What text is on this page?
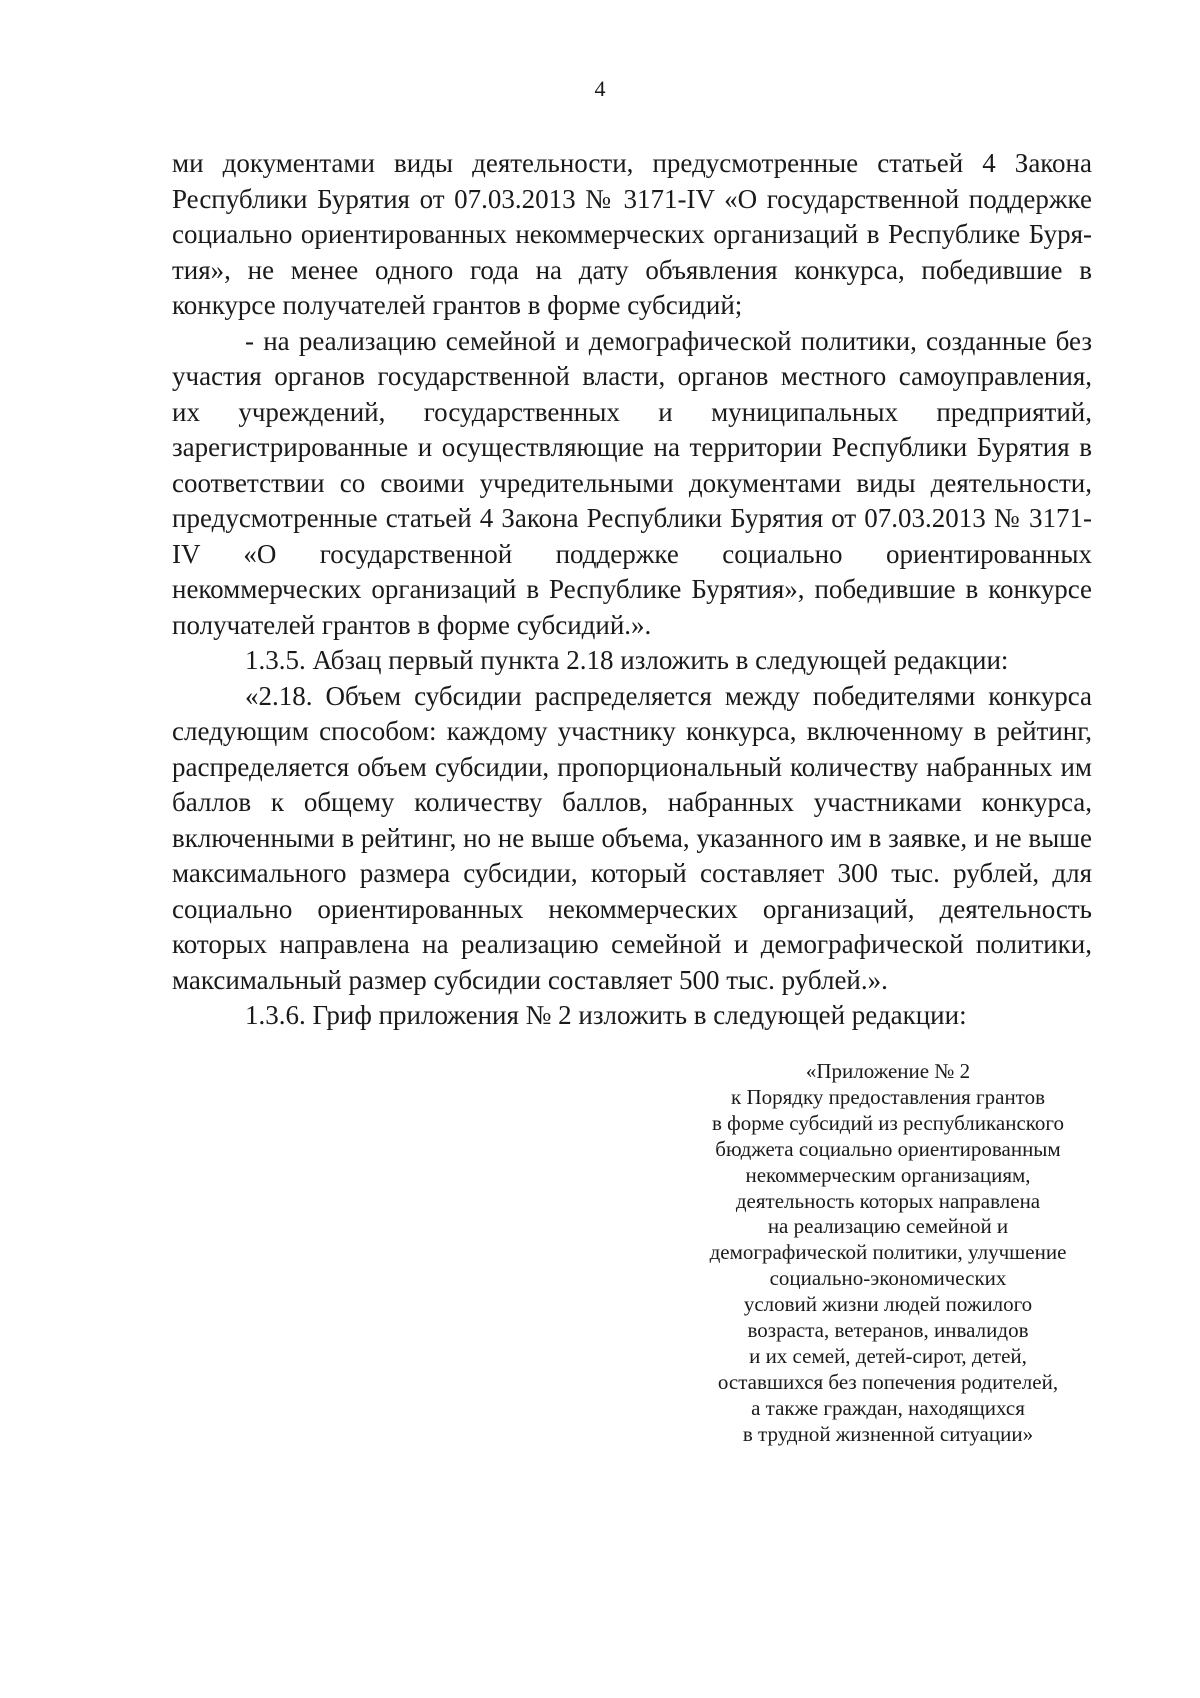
4

ми документами виды деятельности, предусмотренные статьей 4 Закона Республики Бурятия от 07.03.2013 № 3171-IV «О государственной поддержке социально ориентированных некоммерческих организаций в Республике Бурятия», не менее одного года на дату объявления конкурса, победившие в конкурсе получателей грантов в форме субсидий;

- на реализацию семейной и демографической политики, созданные без участия органов государственной власти, органов местного самоуправления, их учреждений, государственных и муниципальных предприятий, зарегистрированные и осуществляющие на территории Республики Бурятия в соответствии со своими учредительными документами виды деятельности, предусмотренные статьей 4 Закона Республики Бурятия от 07.03.2013 № 3171-IV «О государственной поддержке социально ориентированных некоммерческих организаций в Республике Бурятия», победившие в конкурсе получателей грантов в форме субсидий.».

1.3.5. Абзац первый пункта 2.18 изложить в следующей редакции:

«2.18. Объем субсидии распределяется между победителями конкурса следующим способом: каждому участнику конкурса, включенному в рейтинг, распределяется объем субсидии, пропорциональный количеству набранных им баллов к общему количеству баллов, набранных участниками конкурса, включенными в рейтинг, но не выше объема, указанного им в заявке, и не выше максимального размера субсидии, который составляет 300 тыс. рублей, для социально ориентированных некоммерческих организаций, деятельность которых направлена на реализацию семейной и демографической политики, максимальный размер субсидии составляет 500 тыс. рублей.».

1.3.6. Гриф приложения № 2 изложить в следующей редакции:

«Приложение № 2
к Порядку предоставления грантов
в форме субсидий из республиканского
бюджета социально ориентированным
некоммерческим организациям,
деятельность которых направлена
на реализацию семейной и
демографической политики, улучшение
социально-экономических
условий жизни людей пожилого
возраста, ветеранов, инвалидов
и их семей, детей-сирот, детей,
оставшихся без попечения родителей,
а также граждан, находящихся
в трудной жизненной ситуации»
